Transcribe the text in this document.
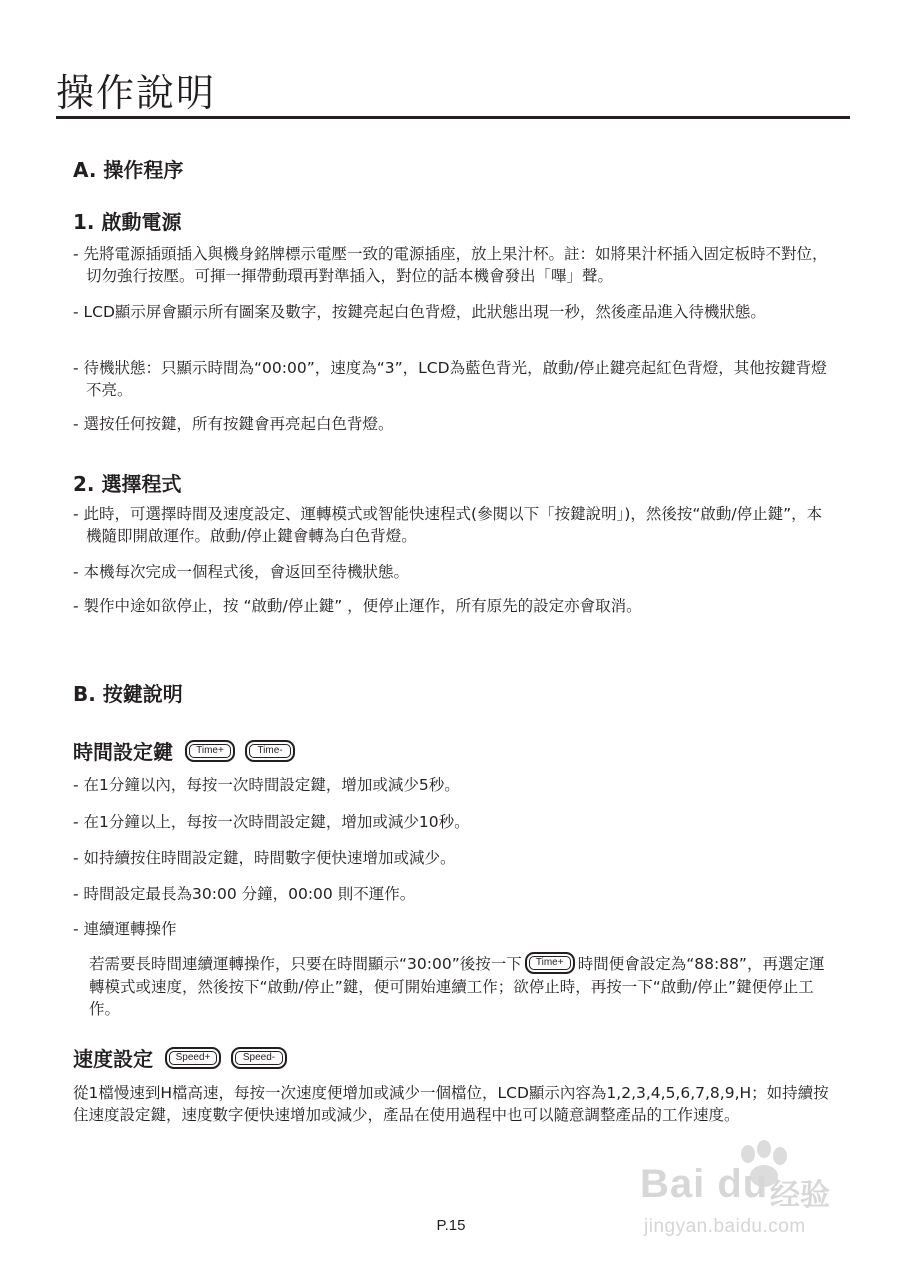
操作說明
A. 操作程序
1. 啟動電源
- 先將電源插頭插入與機身銘牌標示電壓一致的電源插座，放上果汁杯。註：如將果汁杯插入固定板時不對位，切勿強行按壓。可揮一揮帶動環再對準插入，對位的話本機會發出「嗶」聲。
- LCD顯示屏會顯示所有圖案及數字，按鍵亮起白色背燈，此狀態出現一秒，然後產品進入待機狀態。
- 待機狀態：只顯示時間為“00:00”，速度為“3”，LCD為藍色背光，啟動/停止鍵亮起紅色背燈，其他按鍵背燈不亮。
- 選按任何按鍵，所有按鍵會再亮起白色背燈。
2. 選擇程式
- 此時，可選擇時間及速度設定、運轉模式或智能快速程式(參閱以下「按鍵說明」)，然後按“啟動/停止鍵”，本機隨即開啟運作。啟動/停止鍵會轉為白色背燈。
- 本機每次完成一個程式後，會返回至待機狀態。
- 製作中途如欲停止，按 “啟動/停止鍵” ，便停止運作，所有原先的設定亦會取消。
B. 按鍵說明
時間設定鍵	Time+	Time-
- 在1分鐘以內，每按一次時間設定鍵，增加或減少5秒。
- 在1分鐘以上，每按一次時間設定鍵，增加或減少10秒。
- 如持續按住時間設定鍵，時間數字便快速增加或減少。
- 時間設定最長為30:00 分鐘，00:00 則不運作。
- 連續運轉操作
若需要長時間連續運轉操作，只要在時間顯示“30:00”後按一下 Time+ 時間便會設定為“88:88”，再選定運轉模式或速度，然後按下“啟動/停止”鍵，便可開始連續工作；欲停止時，再按一下“啟動/停止”鍵便停止工作。
速度設定	Speed+	Speed-
從1檔慢速到H檔高速，每按一次速度便增加或減少一個檔位，LCD顯示內容為1,2,3,4,5,6,7,8,9,H；如持續按住速度設定鍵，速度數字便快速增加或減少，產品在使用過程中也可以隨意調整產品的工作速度。
Bai du 经验
jingyan.baidu.com
P.15
